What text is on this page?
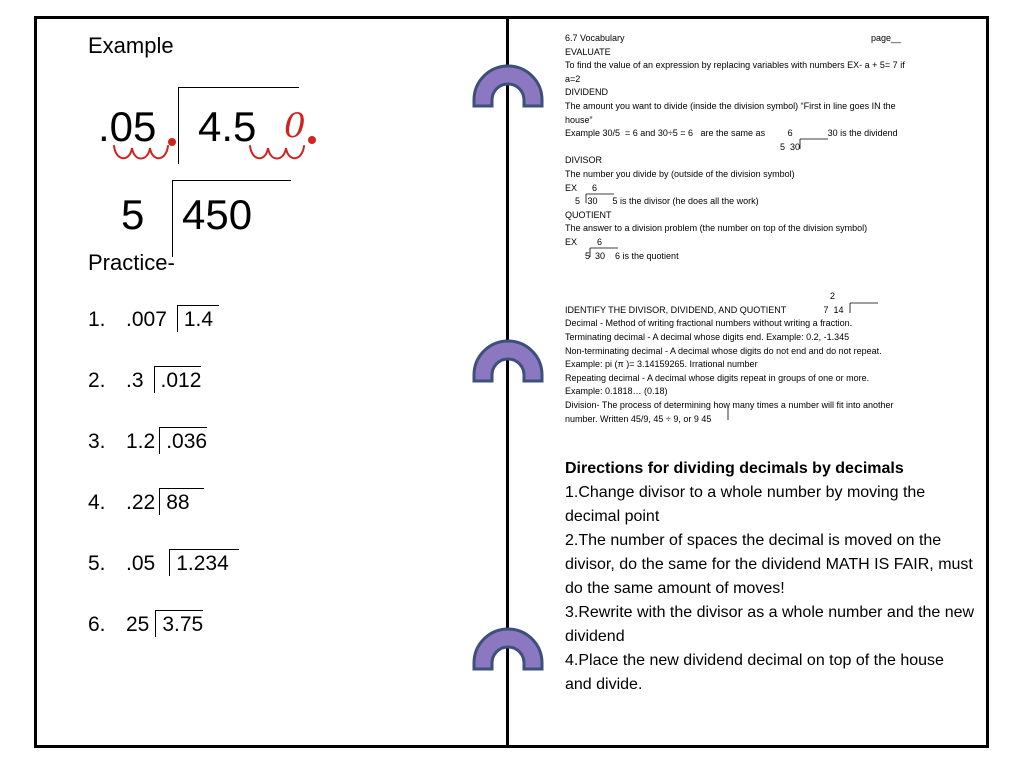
Example
.05 4.5 0
5 450
Practice-
1. .007 1.4
2. .3 .012
3. 1.2 .036
4. .22 88
5. .05 1.234
6. 25 3.75
6.7 Vocabulary	page__
EVALUATE
To find the value of an expression by replacing variables with numbers EX- a + 5= 7 if
a=2
DIVIDEND
The amount you want to divide (inside the division symbol) “First in line goes IN the
house”
Example 30/5  = 6 and 30÷5 = 6   are the same as         6              30 is the dividend
5  30
DIVISOR
The number you divide by (outside of the division symbol)
EX      6
5   30      5 is the divisor (he does all the work)
QUOTIENT
The answer to a division problem (the number on top of the division symbol)
EX        6
5  30    6 is the quotient
2
IDENTIFY THE DIVISOR, DIVIDEND, AND QUOTIENT               7  14
Decimal - Method of writing fractional numbers without writing a fraction.
Terminating decimal - A decimal whose digits end. Example: 0.2, -1.345
Non-terminating decimal - A decimal whose digits do not end and do not repeat.
Example: pi (π )= 3.14159265. Irrational number
Repeating decimal - A decimal whose digits repeat in groups of one or more.
Example: 0.1818… (0.18)
Division- The process of determining how many times a number will fit into another
number. Written 45/9, 45 ÷ 9, or 9 45
Directions for dividing decimals by decimals
1.Change divisor to a whole number by moving the decimal point
2.The number of spaces the decimal is moved on the divisor, do the same for the dividend MATH IS FAIR, must do the same amount of moves!
3.Rewrite with the divisor as a whole number and the new dividend
4.Place the new dividend decimal on top of the house and divide.
